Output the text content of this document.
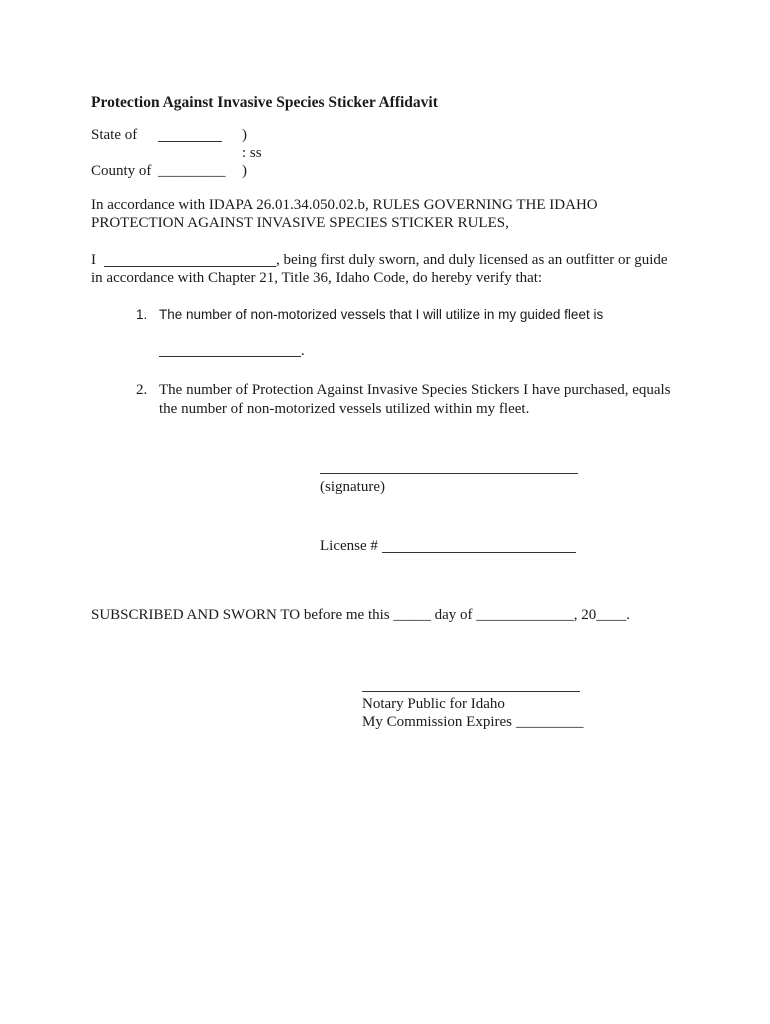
Protection Against Invasive Species Sticker Affidavit
State of	)
: ss
County of _________ )
In accordance with IDAPA 26.01.34.050.02.b, RULES GOVERNING THE IDAHO
PROTECTION AGAINST INVASIVE SPECIES STICKER RULES,
I	, being first duly sworn, and duly licensed as an outfitter or guide
in accordance with Chapter 21, Title 36, Idaho Code, do hereby verify that:
1. The number of non-motorized vessels that I will utilize in my guided fleet is
.
2. The number of Protection Against Invasive Species Stickers I have purchased, equals
the number of non-motorized vessels utilized within my fleet.
(signature)
License #
SUBSCRIBED AND SWORN TO before me this _____ day of _____________, 20____.
Notary Public for Idaho
My Commission Expires _________
